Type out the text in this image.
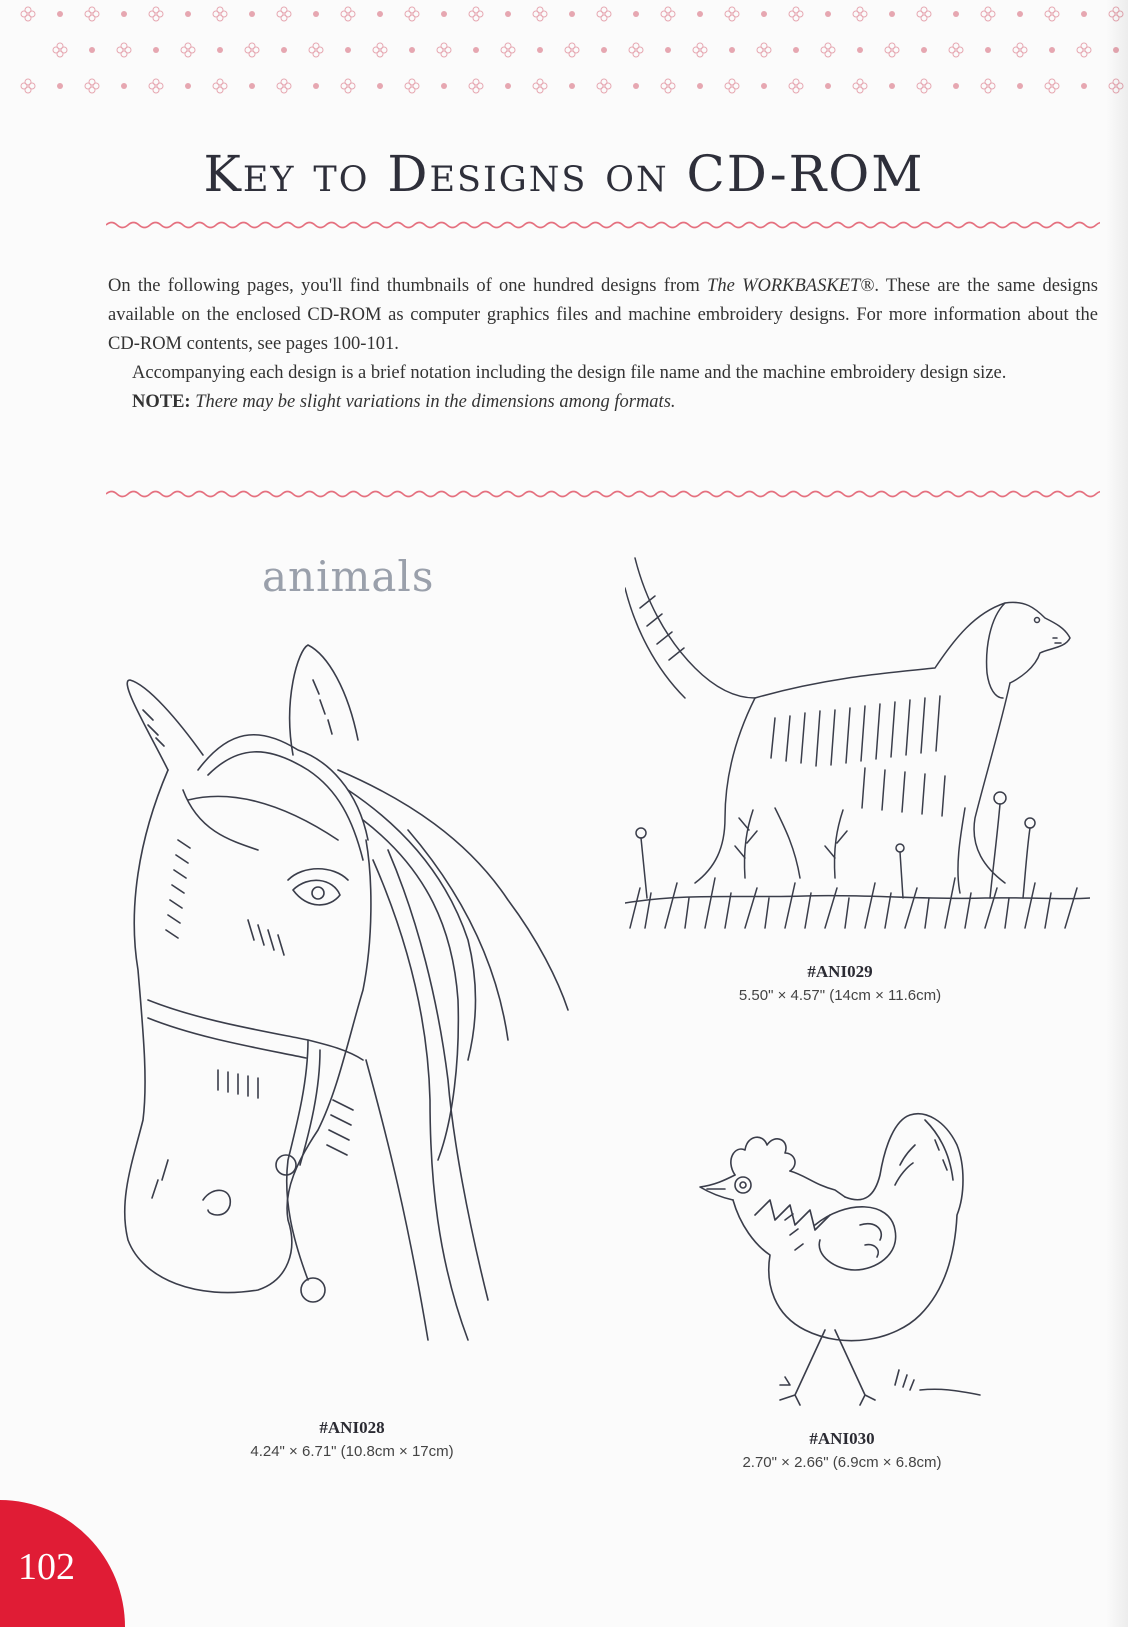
Key to Designs on CD-ROM

On the following pages, you'll find thumbnails of one hundred designs from The WORKBASKET®. These are the same designs available on the enclosed CD-ROM as computer graphics files and machine embroidery designs. For more information about the CD-ROM contents, see pages 100-101.

Accompanying each design is a brief notation including the design file name and the machine embroidery design size.

NOTE: There may be slight variations in the dimensions among formats.

animals
#ANI028
4.24" × 6.71" (10.8cm × 17cm)
#ANI029
5.50" × 4.57" (14cm × 11.6cm)
#ANI030
2.70" × 2.66" (6.9cm × 6.8cm)
102
